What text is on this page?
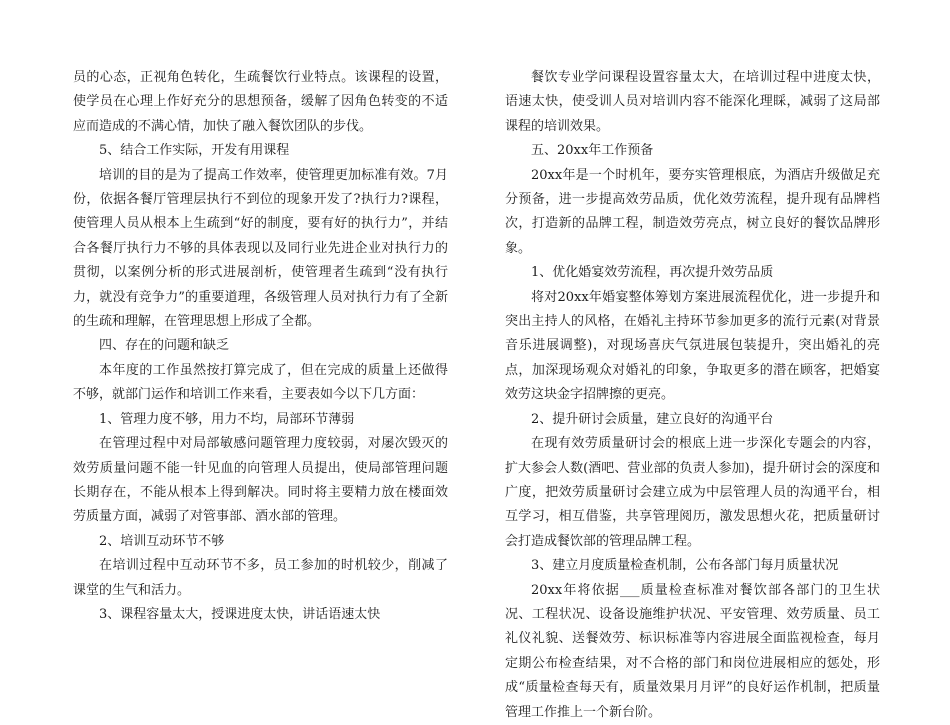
员的心态，正视角色转化，生疏餐饮行业特点。该课程的设置，使学员在心理上作好充分的思想预备，缓解了因角色转变的不适应而造成的不满心情，加快了融入餐饮团队的步伐。

5、结合工作实际，开发有用课程

培训的目的是为了提高工作效率，使管理更加标准有效。7月份，依据各餐厅管理层执行不到位的现象开发了?执行力?课程，使管理人员从根本上生疏到“好的制度，要有好的执行力”，并结合各餐厅执行力不够的具体表现以及同行业先进企业对执行力的贯彻，以案例分析的形式进展剖析，使管理者生疏到“没有执行力，就没有竞争力”的重要道理，各级管理人员对执行力有了全新的生疏和理解，在管理思想上形成了全都。

四、存在的问题和缺乏

本年度的工作虽然按打算完成了，但在完成的质量上还做得不够，就部门运作和培训工作来看，主要表如今以下几方面：

1、管理力度不够，用力不均，局部环节薄弱

在管理过程中对局部敏感问题管理力度较弱，对屡次毁灭的效劳质量问题不能一针见血的向管理人员提出，使局部管理问题长期存在，不能从根本上得到解决。同时将主要精力放在楼面效劳质量方面，减弱了对管事部、酒水部的管理。

2、培训互动环节不够

在培训过程中互动环节不多，员工参加的时机较少，削减了课堂的生气和活力。

3、课程容量太大，授课进度太快，讲话语速太快

餐饮专业学问课程设置容量太大，在培训过程中进度太快，语速太快，使受训人员对培训内容不能深化理睬，减弱了这局部课程的培训效果。

五、20xx年工作预备

20xx年是一个时机年，要夯实管理根底，为酒店升级做足充分预备，进一步提高效劳品质，优化效劳流程，提升现有品牌档次，打造新的品牌工程，制造效劳亮点，树立良好的餐饮品牌形象。

1、优化婚宴效劳流程，再次提升效劳品质

将对20xx年婚宴整体筹划方案进展流程优化，进一步提升和突出主持人的风格，在婚礼主持环节参加更多的流行元素(对背景音乐进展调整)，对现场喜庆气氛进展包装提升，突出婚礼的亮点，加深现场观众对婚礼的印象，争取更多的潜在顾客，把婚宴效劳这块金字招牌擦的更亮。

2、提升研讨会质量，建立良好的沟通平台

在现有效劳质量研讨会的根底上进一步深化专题会的内容，扩大参会人数(酒吧、营业部的负责人参加)，提升研讨会的深度和广度，把效劳质量研讨会建立成为中层管理人员的沟通平台，相互学习，相互借鉴，共享管理阅历，激发思想火花，把质量研讨会打造成餐饮部的管理品牌工程。

3、建立月度质量检查机制，公布各部门每月质量状况

20xx年将依据___质量检查标准对餐饮部各部门的卫生状况、工程状况、设备设施维护状况、平安管理、效劳质量、员工礼仪礼貌、送餐效劳、标识标准等内容进展全面监视检查，每月定期公布检查结果，对不合格的部门和岗位进展相应的惩处，形成“质量检查每天有，质量效果月月评”的良好运作机制，把质量管理工作推上一个新台阶。
